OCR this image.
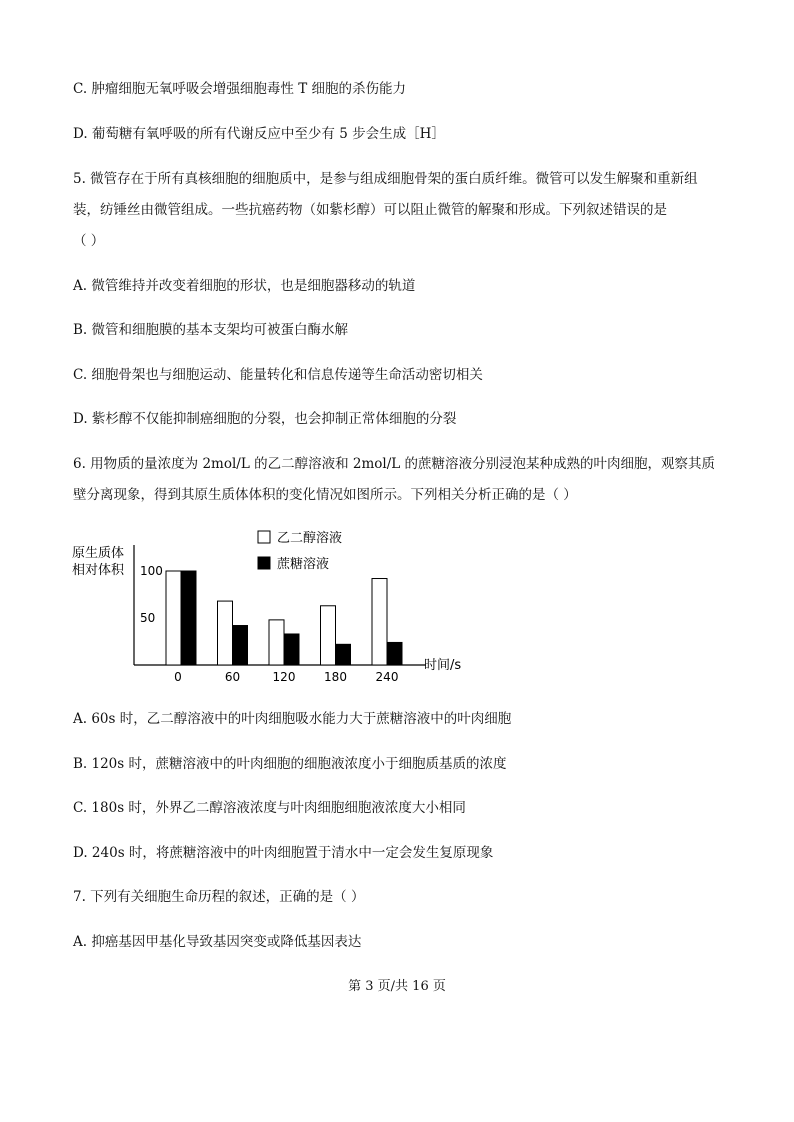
C. 肿瘤细胞无氧呼吸会增强细胞毒性 T 细胞的杀伤能力
D. 葡萄糖有氧呼吸的所有代谢反应中至少有 5 步会生成［H］
5. 微管存在于所有真核细胞的细胞质中，是参与组成细胞骨架的蛋白质纤维。微管可以发生解聚和重新组
装，纺锤丝由微管组成。一些抗癌药物（如紫杉醇）可以阻止微管的解聚和形成。下列叙述错误的是
（ ）
A. 微管维持并改变着细胞的形状，也是细胞器移动的轨道
B. 微管和细胞膜的基本支架均可被蛋白酶水解
C. 细胞骨架也与细胞运动、能量转化和信息传递等生命活动密切相关
D. 紫杉醇不仅能抑制癌细胞的分裂，也会抑制正常体细胞的分裂
6. 用物质的量浓度为 2mol/L 的乙二醇溶液和 2mol/L 的蔗糖溶液分别浸泡某种成熟的叶肉细胞，观察其质
壁分离现象，得到其原生质体体积的变化情况如图所示。下列相关分析正确的是（ ）
原生质体
相对体积 100
50
0	60	120 180 240
时间/s
乙二醇溶液
蔗糖溶液
A. 60s 时，乙二醇溶液中的叶肉细胞吸水能力大于蔗糖溶液中的叶肉细胞
B. 120s 时，蔗糖溶液中的叶肉细胞的细胞液浓度小于细胞质基质的浓度
C. 180s 时，外界乙二醇溶液浓度与叶肉细胞细胞液浓度大小相同
D. 240s 时，将蔗糖溶液中的叶肉细胞置于清水中一定会发生复原现象
7. 下列有关细胞生命历程的叙述，正确的是（ ）
A. 抑癌基因甲基化导致基因突变或降低基因表达
第 3 页/共 16 页
